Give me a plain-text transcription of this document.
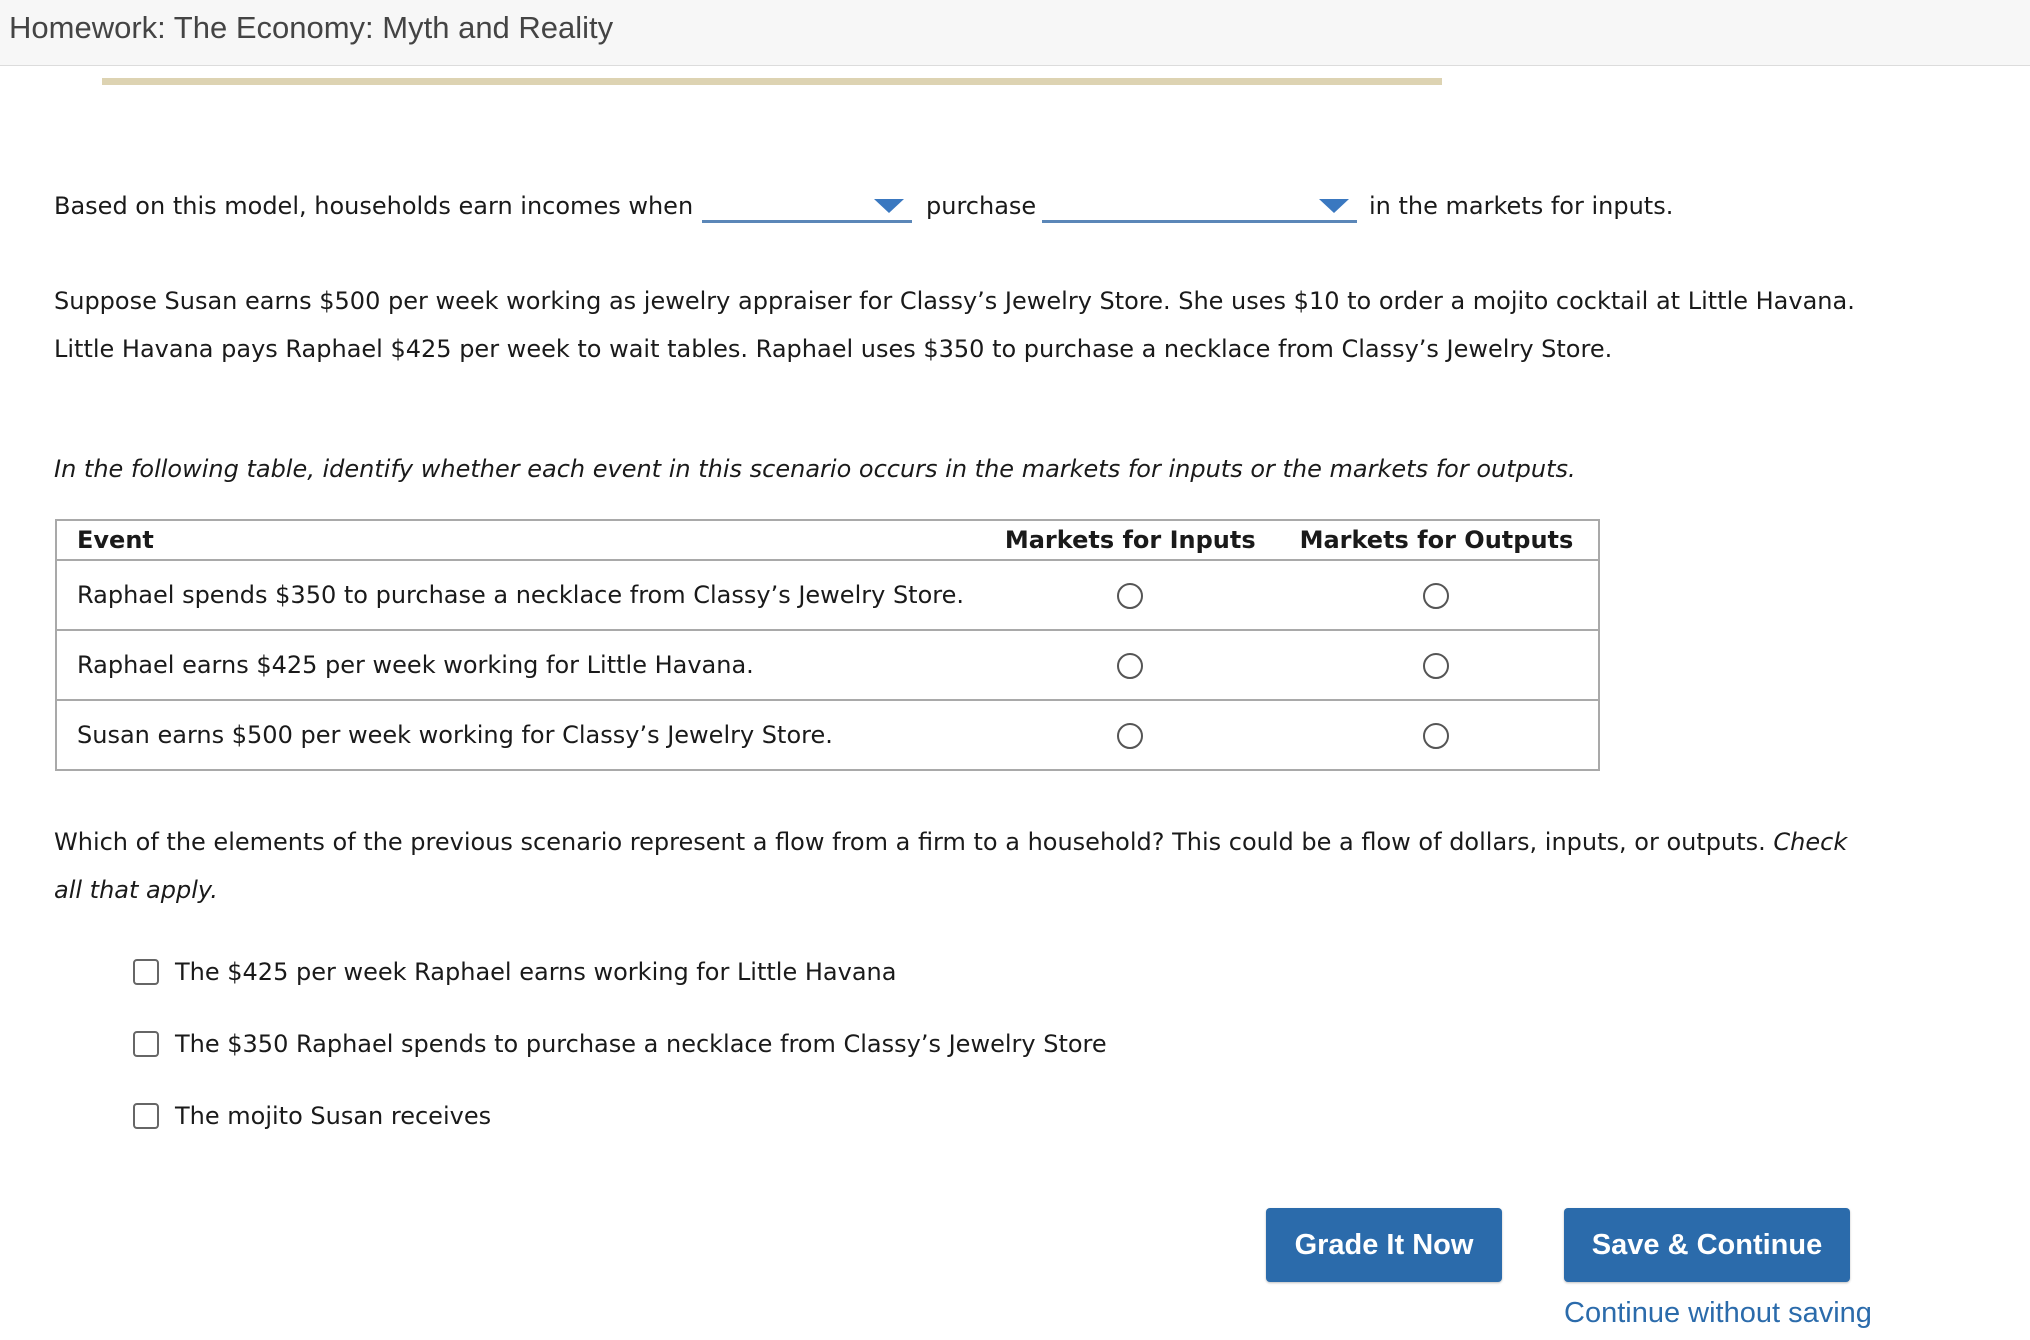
Homework: The Economy: Myth and Reality
Based on this model, households earn incomes when	purchase	in the markets for inputs.
Suppose Susan earns $500 per week working as jewelry appraiser for Classy’s Jewelry Store. She uses $10 to order a mojito cocktail at Little Havana.
Little Havana pays Raphael $425 per week to wait tables. Raphael uses $350 to purchase a necklace from Classy’s Jewelry Store.
In the following table, identify whether each event in this scenario occurs in the markets for inputs or the markets for outputs.
Event	Markets for Inputs	Markets for Outputs
Raphael spends $350 to purchase a necklace from Classy’s Jewelry Store.		
Raphael earns $425 per week working for Little Havana.		
Susan earns $500 per week working for Classy’s Jewelry Store.		
Which of the elements of the previous scenario represent a flow from a firm to a household? This could be a flow of dollars, inputs, or outputs. Check
all that apply.
The $425 per week Raphael earns working for Little Havana
The $350 Raphael spends to purchase a necklace from Classy’s Jewelry Store
The mojito Susan receives
Grade It Now	Save & Continue
Continue without saving
